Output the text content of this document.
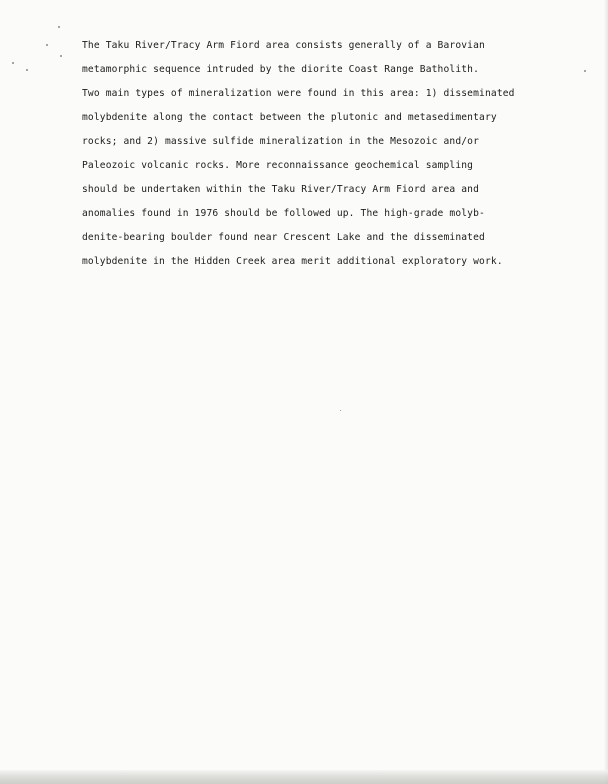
The Taku River/Tracy Arm Fiord area consists generally of a Barovian
metamorphic sequence intruded by the diorite Coast Range Batholith.
Two main types of mineralization were found in this area: 1) disseminated
molybdenite along the contact between the plutonic and metasedimentary
rocks; and 2) massive sulfide mineralization in the Mesozoic and/or
Paleozoic volcanic rocks. More reconnaissance geochemical sampling
should be undertaken within the Taku River/Tracy Arm Fiord area and
anomalies found in 1976 should be followed up. The high-grade molyb-
denite-bearing boulder found near Crescent Lake and the disseminated
molybdenite in the Hidden Creek area merit additional exploratory work.
